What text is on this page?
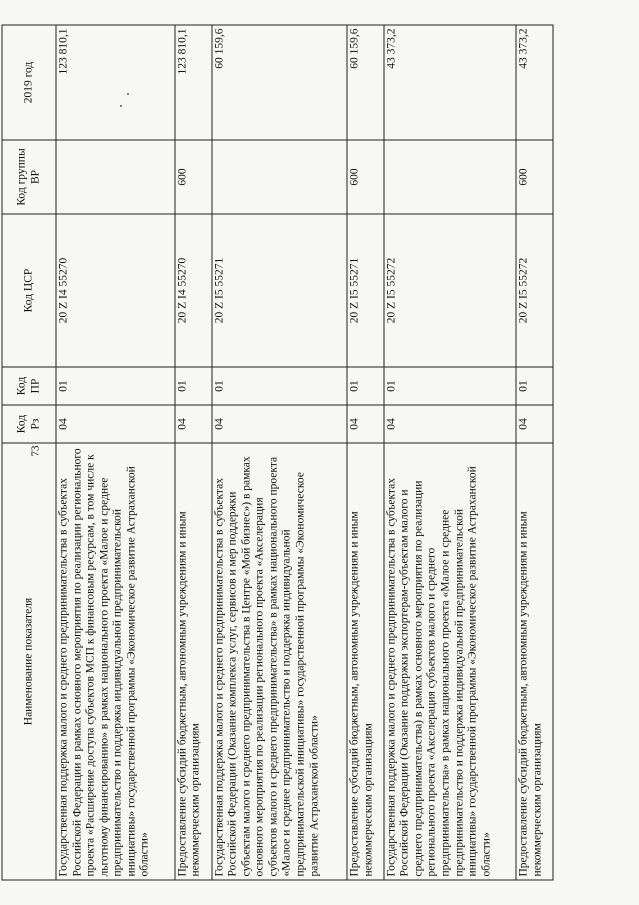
73
Наименование показателя	Код Рз	Код ПР	Код ЦСР	Код группы ВР	2019 год

Государственная поддержка малого и среднего предпринимательства в субъектах Российской Федерации в рамках основного мероприятия по реализации регионального проекта «Расширение доступа субъектов МСП к финансовым ресурсам, в том числе к льготному финансированию» в рамках национального проекта «Малое и среднее предпринимательство и поддержка индивидуальной предпринимательской инициативы» государственной программы «Экономическое развитие Астраханской области»	04	01	20 Z I4 55270		123 810,1

Предоставление субсидий бюджетным, автономным учреждениям и иным некоммерческим организациям	04	01	20 Z I4 55270	600	123 810,1

Государственная поддержка малого и среднего предпринимательства в субъектах Российской Федерации (Оказание комплекса услуг, сервисов и мер поддержки субъектам малого и среднего предпринимательства в Центре «Мой бизнес») в рамках основного мероприятия по реализации регионального проекта «Акселерация субъектов малого и среднего предпринимательства» в рамках национального проекта «Малое и среднее предпринимательство и поддержка индивидуальной предпринимательской инициативы» государственной программы «Экономическое развитие Астраханской области»	04	01	20 Z I5 55271		60 159,6

Предоставление субсидий бюджетным, автономным учреждениям и иным некоммерческим организациям	04	01	20 Z I5 55271	600	60 159,6

Государственная поддержка малого и среднего предпринимательства в субъектах Российской Федерации (Оказание поддержки экспортерам-субъектам малого и среднего предпринимательства) в рамках основного мероприятия по реализации регионального проекта «Акселерация субъектов малого и среднего предпринимательства» в рамках национального проекта «Малое и среднее предпринимательство и поддержка индивидуальной предпринимательской инициативы» государственной программы «Экономическое развитие Астраханской области»	04	01	20 Z I5 55272		43 373,2

Предоставление субсидий бюджетным, автономным учреждениям и иным некоммерческим организациям	04	01	20 Z I5 55272	600	43 373,2
